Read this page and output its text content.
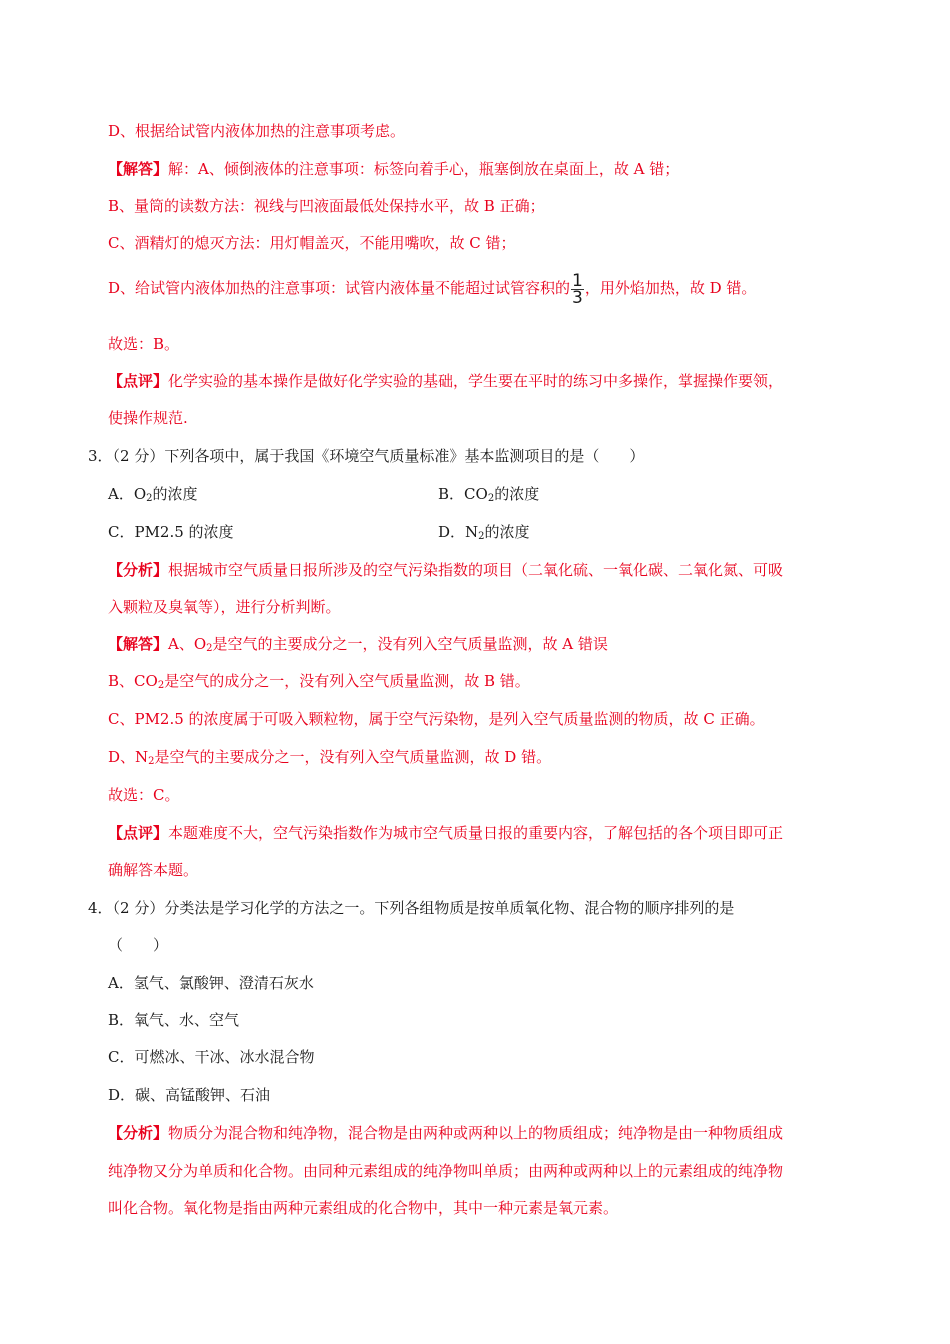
D、根据给试管内液体加热的注意事项考虑。
【解答】解：A、倾倒液体的注意事项：标签向着手心，瓶塞倒放在桌面上，故 A 错；
B、量筒的读数方法：视线与凹液面最低处保持水平，故 B 正确；
C、酒精灯的熄灭方法：用灯帽盖灭，不能用嘴吹，故 C 错；
D、给试管内液体加热的注意事项：试管内液体量不能超过试管容积的 $\frac{1}{3}$ ，用外焰加热，故 D 错。
故选：B。
【点评】化学实验的基本操作是做好化学实验的基础，学生要在平时的练习中多操作，掌握操作要领，
使操作规范.
3．（2 分）下列各项中，属于我国《环境空气质量标准》基本监测项目的是（　　）
A．$O_2$的浓度	B．$CO_2$的浓度
C．PM2.5 的浓度	D．$N_2$的浓度
【分析】根据城市空气质量日报所涉及的空气污染指数的项目（二氧化硫、一氧化碳、二氧化氮、可吸
入颗粒及臭氧等），进行分析判断。
【解答】A、$O_2$是空气的主要成分之一，没有列入空气质量监测，故 A 错误
B、$CO_2$是空气的成分之一，没有列入空气质量监测，故 B 错。
C、PM2.5 的浓度属于可吸入颗粒物，属于空气污染物，是列入空气质量监测的物质，故 C 正确。
D、$N_2$是空气的主要成分之一，没有列入空气质量监测，故 D 错。
故选：C。
【点评】本题难度不大，空气污染指数作为城市空气质量日报的重要内容，了解包括的各个项目即可正
确解答本题。
4．（2 分）分类法是学习化学的方法之一。下列各组物质是按单质氧化物、混合物的顺序排列的是
（　　）
A．氢气、氯酸钾、澄清石灰水
B．氧气、水、空气
C．可燃冰、干冰、冰水混合物
D．碳、高锰酸钾、石油
【分析】物质分为混合物和纯净物，混合物是由两种或两种以上的物质组成；纯净物是由一种物质组成
纯净物又分为单质和化合物。由同种元素组成的纯净物叫单质；由两种或两种以上的元素组成的纯净物
叫化合物。氧化物是指由两种元素组成的化合物中，其中一种元素是氧元素。
